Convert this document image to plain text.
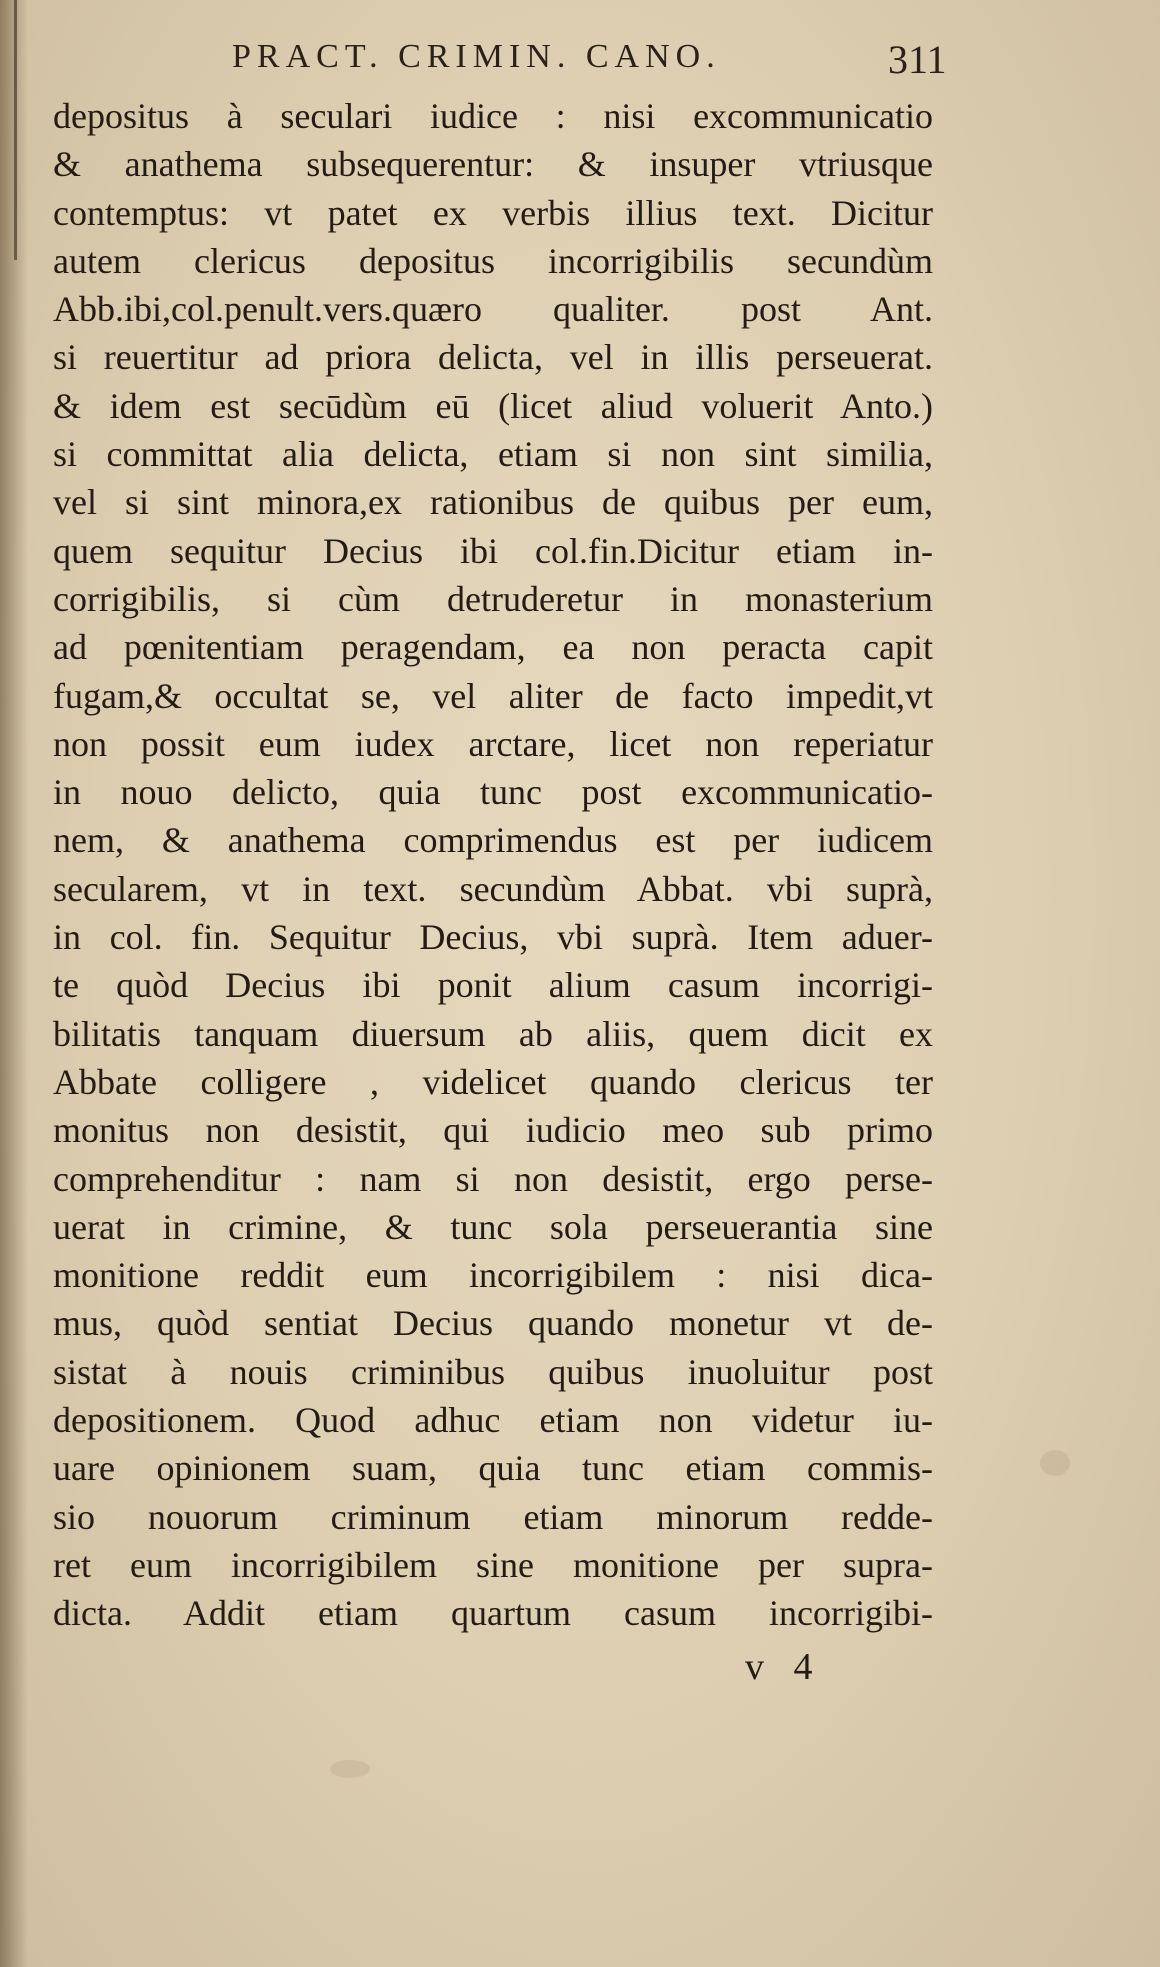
PRACT. CRIMIN. CANO.	311
depositus à seculari iudice : nisi excommunicatio
& anathema subsequerentur: & insuper vtriusque
contemptus: vt patet ex verbis illius text. Dicitur
autem clericus depositus incorrigibilis secundùm
Abb.ibi,col.penult.vers.quæro qualiter. post Ant.
si reuertitur ad priora delicta, vel in illis perseuerat.
& idem est secūdùm eū (licet aliud voluerit Anto.)
si committat alia delicta, etiam si non sint similia,
vel si sint minora,ex rationibus de quibus per eum,
quem sequitur Decius ibi col.fin.Dicitur etiam in-
corrigibilis, si cùm detruderetur in monasterium
ad pœnitentiam peragendam, ea non peracta capit
fugam,& occultat se, vel aliter de facto impedit,vt
non possit eum iudex arctare, licet non reperiatur
in nouo delicto, quia tunc post excommunicatio-
nem, & anathema comprimendus est per iudicem
secularem, vt in text. secundùm Abbat. vbi suprà,
in col. fin. Sequitur Decius, vbi suprà. Item aduer-
te quòd Decius ibi ponit alium casum incorrigi-
bilitatis tanquam diuersum ab aliis, quem dicit ex
Abbate colligere , videlicet quando clericus ter
monitus non desistit, qui iudicio meo sub primo
comprehenditur : nam si non desistit, ergo perse-
uerat in crimine, & tunc sola perseuerantia sine
monitione reddit eum incorrigibilem : nisi dica-
mus, quòd sentiat Decius quando monetur vt de-
sistat à nouis criminibus quibus inuoluitur post
depositionem. Quod adhuc etiam non videtur iu-
uare opinionem suam, quia tunc etiam commis-
sio nouorum criminum etiam minorum redde-
ret eum incorrigibilem sine monitione per supra-
dicta. Addit etiam quartum casum incorrigibi-
v 4
